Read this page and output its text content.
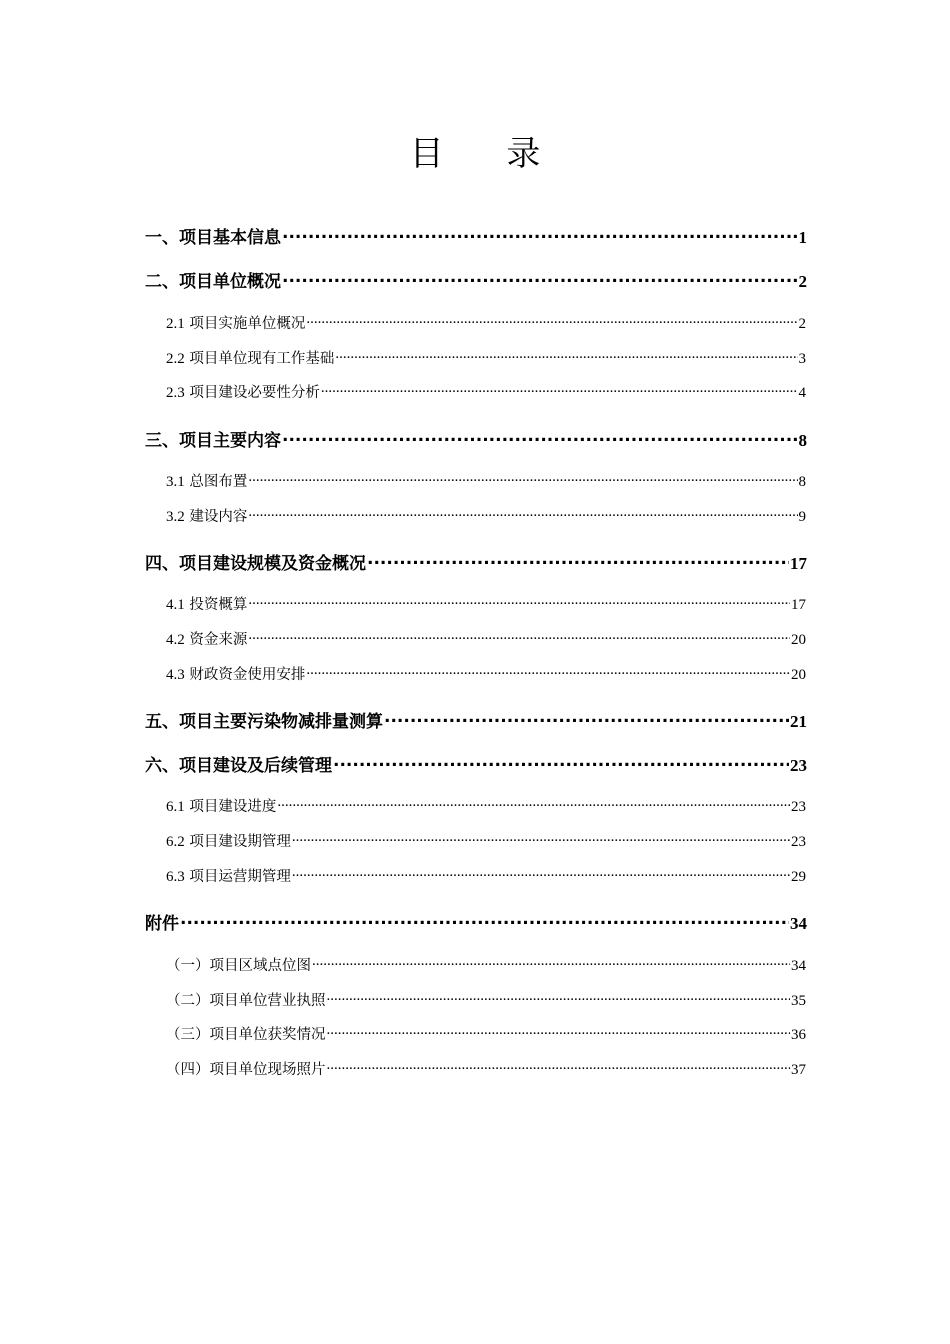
目 录
一、项目基本信息 .....	1
二、项目单位概况 .....	2
2.1 项目实施单位概况 .....	2
2.2 项目单位现有工作基础 .....	3
2.3 项目建设必要性分析 .....	4
三、项目主要内容 .....	8
3.1 总图布置 .....	8
3.2 建设内容 .....	9
四、项目建设规模及资金概况 .....	17
4.1 投资概算 .....	17
4.2 资金来源 .....	20
4.3 财政资金使用安排 .....	20
五、项目主要污染物减排量测算 .....	21
六、项目建设及后续管理 .....	23
6.1 项目建设进度 .....	23
6.2 项目建设期管理 .....	23
6.3 项目运营期管理 .....	29
附件 .....	34
（一）项目区域点位图 .....	34
（二）项目单位营业执照 .....	35
（三）项目单位获奖情况 .....	36
（四）项目单位现场照片 .....	37
